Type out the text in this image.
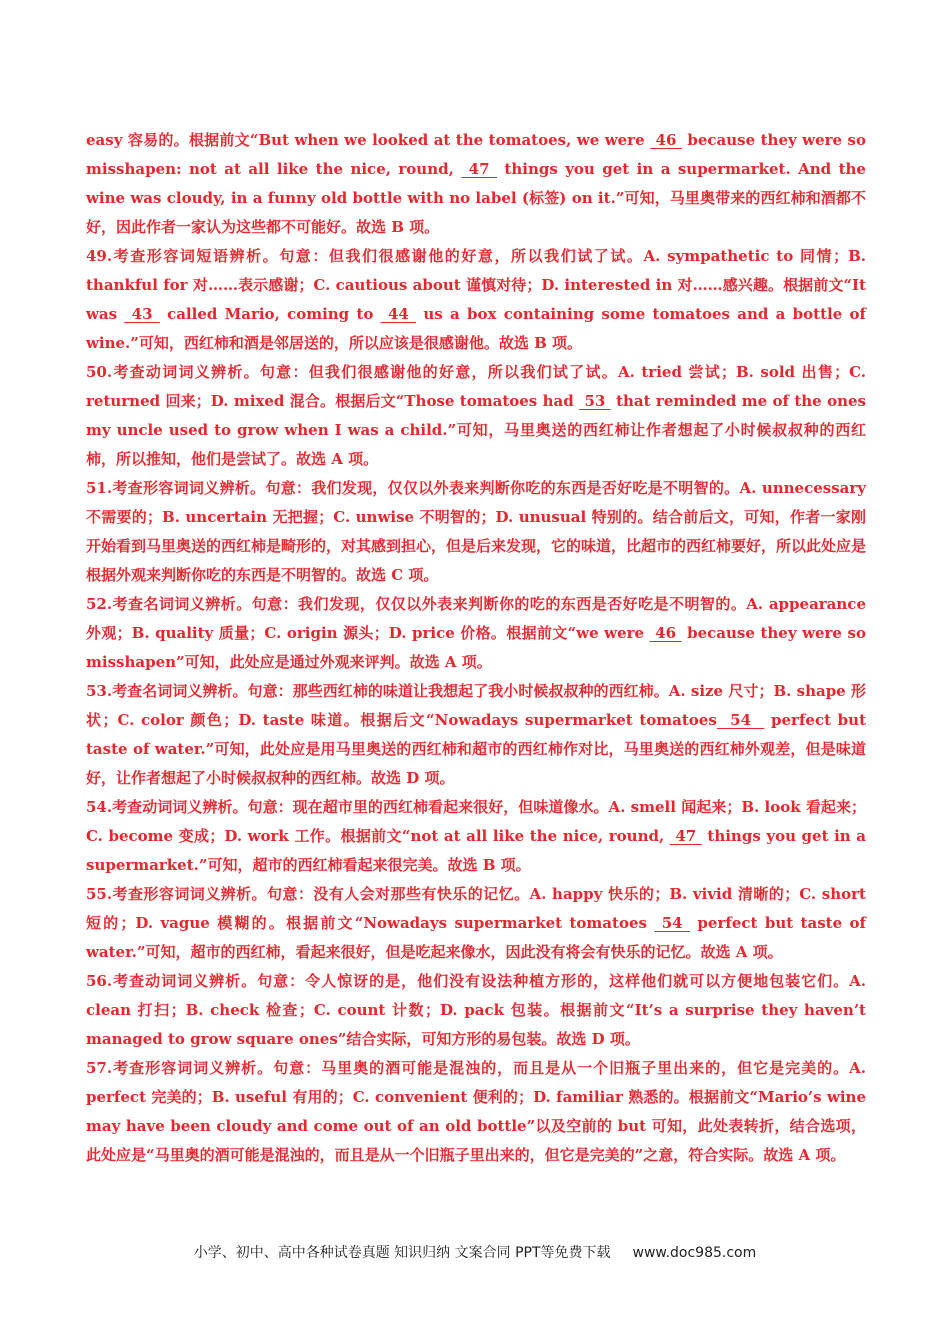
easy 容易的。根据前文“But when we looked at the tomatoes, we were  46  because they were so misshapen: not at all like the nice, round,  47  things you get in a supermarket. And the wine was cloudy, in a funny old bottle with no label (标签) on it.”可知，马里奥带来的西红柿和酒都不好，因此作者一家认为这些都不可能好。故选 B 项。

49.考查形容词短语辨析。句意：但我们很感谢他的好意，所以我们试了试。A. sympathetic to 同情；B. thankful for 对……表示感谢；C. cautious about 谨慎对待；D. interested in 对……感兴趣。根据前文“It was  43  called Mario, coming to  44  us a box containing some tomatoes and a bottle of wine.”可知，西红柿和酒是邻居送的，所以应该是很感谢他。故选 B 项。

50.考查动词词义辨析。句意：但我们很感谢他的好意，所以我们试了试。A. tried 尝试；B. sold 出售；C. returned 回来；D. mixed 混合。根据后文“Those tomatoes had  53  that reminded me of the ones my uncle used to grow when I was a child.”可知，马里奥送的西红柿让作者想起了小时候叔叔种的西红柿，所以推知，他们是尝试了。故选 A 项。

51.考查形容词词义辨析。句意：我们发现，仅仅以外表来判断你吃的东西是否好吃是不明智的。A. unnecessary 不需要的；B. uncertain 无把握；C. unwise 不明智的；D. unusual 特别的。结合前后文，可知，作者一家刚开始看到马里奥送的西红柿是畸形的，对其感到担心，但是后来发现，它的味道，比超市的西红柿要好，所以此处应是根据外观来判断你吃的东西是不明智的。故选 C 项。

52.考查名词词义辨析。句意：我们发现，仅仅以外表来判断你的吃的东西是否好吃是不明智的。A. appearance 外观；B. quality 质量；C. origin 源头；D. price 价格。根据前文“we were  46  because they were so misshapen”可知，此处应是通过外观来评判。故选 A 项。

53.考查名词词义辨析。句意：那些西红柿的味道让我想起了我小时候叔叔种的西红柿。A. size 尺寸；B. shape 形状；C. color 颜色；D. taste 味道。根据后文“Nowadays supermarket tomatoes  54   perfect but taste of water.”可知，此处应是用马里奥送的西红柿和超市的西红柿作对比，马里奥送的西红柿外观差，但是味道好，让作者想起了小时候叔叔种的西红柿。故选 D 项。

54.考查动词词义辨析。句意：现在超市里的西红柿看起来很好，但味道像水。A. smell 闻起来；B. look 看起来；C. become 变成；D. work 工作。根据前文“not at all like the nice, round,  47  things you get in a supermarket.”可知，超市的西红柿看起来很完美。故选 B 项。

55.考查形容词词义辨析。句意：没有人会对那些有快乐的记忆。A. happy 快乐的；B. vivid 清晰的；C. short 短的；D. vague 模糊的。根据前文“Nowadays supermarket tomatoes  54  perfect but taste of water.”可知，超市的西红柿，看起来很好，但是吃起来像水，因此没有将会有快乐的记忆。故选 A 项。

56.考查动词词义辨析。句意：令人惊讶的是，他们没有设法种植方形的，这样他们就可以方便地包装它们。A. clean 打扫；B. check 检查；C. count 计数；D. pack 包装。根据前文“It’s a surprise they haven’t managed to grow square ones”结合实际，可知方形的易包装。故选 D 项。

57.考查形容词词义辨析。句意：马里奥的酒可能是混浊的，而且是从一个旧瓶子里出来的，但它是完美的。A. perfect 完美的；B. useful 有用的；C. convenient 便利的；D. familiar 熟悉的。根据前文“Mario’s wine may have been cloudy and come out of an old bottle”以及空前的 but 可知，此处表转折，结合选项，此处应是“马里奥的酒可能是混浊的，而且是从一个旧瓶子里出来的，但它是完美的”之意，符合实际。故选 A 项。

小学、初中、高中各种试卷真题 知识归纳 文案合同 PPT等免费下载 www.doc985.com
